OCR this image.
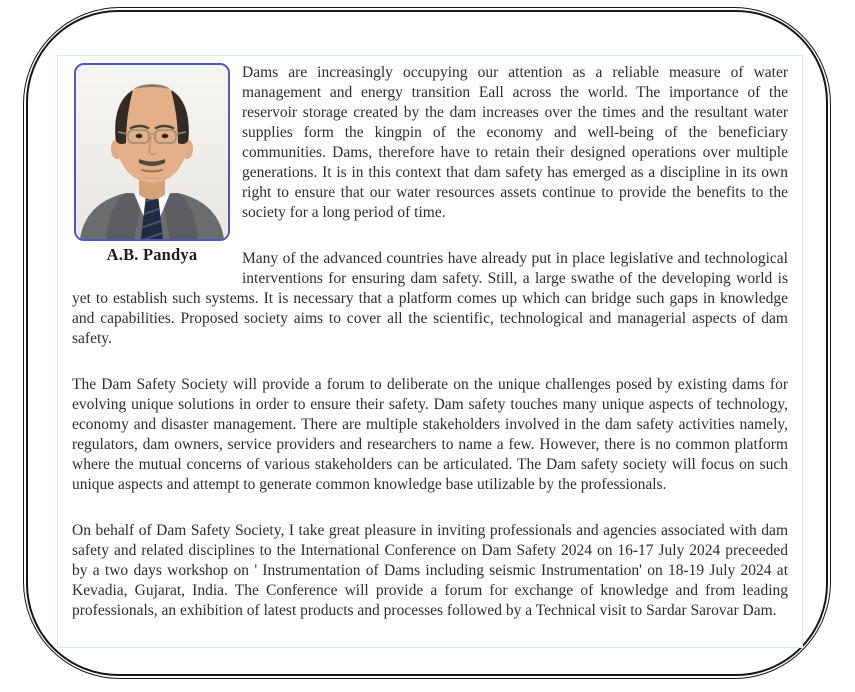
A.B. Pandya

Dams are increasingly occupying our attention as a reliable measure of water management and energy transition Eall across the world. The importance of the reservoir storage created by the dam increases over the times and the resultant water supplies form the kingpin of the economy and well-being of the beneficiary communities. Dams, therefore have to retain their designed operations over multiple generations. It is in this context that dam safety has emerged as a discipline in its own right to ensure that our water resources assets continue to provide the benefits to the society for a long period of time.

Many of the advanced countries have already put in place legislative and technological interventions for ensuring dam safety. Still, a large swathe of the developing world is yet to establish such systems. It is necessary that a platform comes up which can bridge such gaps in knowledge and capabilities. Proposed society aims to cover all the scientific, technological and managerial aspects of dam safety.

The Dam Safety Society will provide a forum to deliberate on the unique challenges posed by existing dams for evolving unique solutions in order to ensure their safety. Dam safety touches many unique aspects of technology, economy and disaster management. There are multiple stakeholders involved in the dam safety activities namely, regulators, dam owners, service providers and researchers to name a few. However, there is no common platform where the mutual concerns of various stakeholders can be articulated. The Dam safety society will focus on such unique aspects and attempt to generate common knowledge base utilizable by the professionals.

On behalf of Dam Safety Society, I take great pleasure in inviting professionals and agencies associated with dam safety and related disciplines to the International Conference on Dam Safety 2024 on 16-17 July 2024 preceeded by a two days workshop on ' Instrumentation of Dams including seismic Instrumentation' on 18-19 July 2024 at Kevadia, Gujarat, India. The Conference will provide a forum for exchange of knowledge and from leading professionals, an exhibition of latest products and processes followed by a Technical visit to Sardar Sarovar Dam.
